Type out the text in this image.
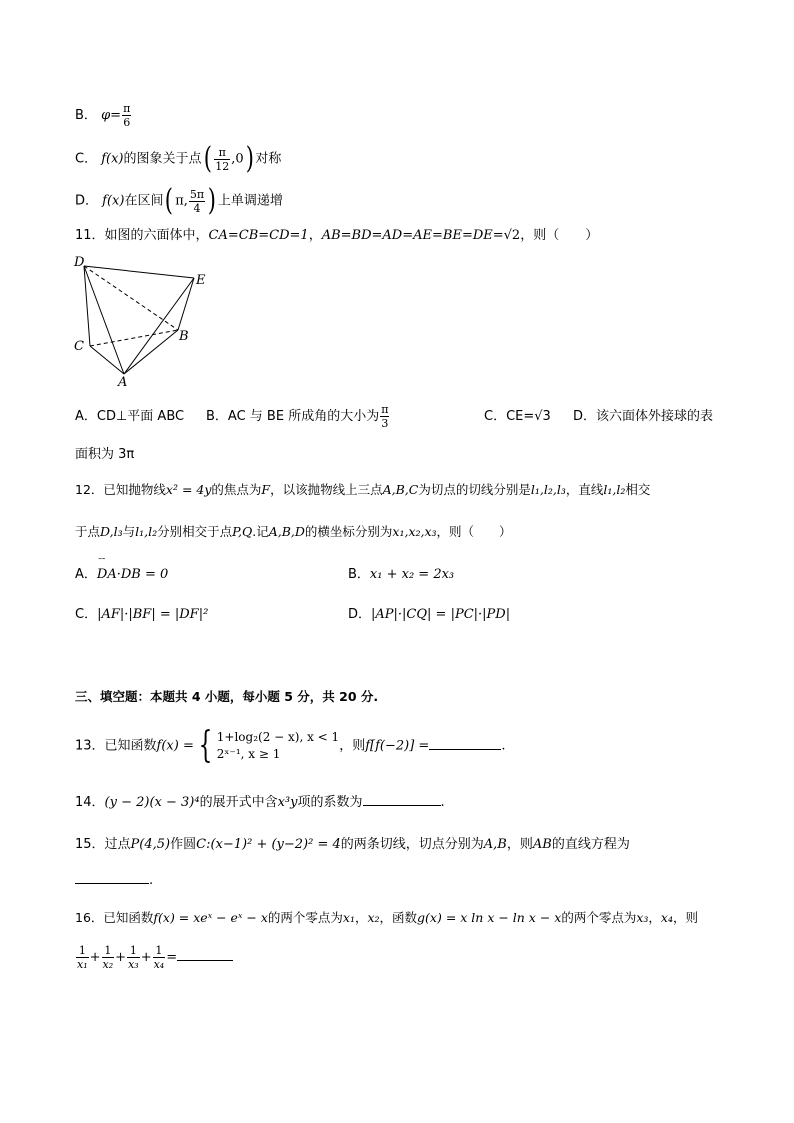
B． $\varphi= \frac{\pi}{6}$
C． f(x)的图象关于点( $\frac{\pi}{12} ,0$) 对称
D． f(x)在区间( π, $\frac{5\pi}{4}$ ) 上单调递增
11．如图的六面体中，CA=CB=CD=1，AB=BD=AD=AE=BE=DE=√2，则（　　）
D
E
B
C
A
A．CD⊥平面 ABC B．AC 与 BE 所成角的大小为 $\frac{\pi}{3}$	C．CE=√3 D．该六面体外接球的表
面积为 3π
12．已知抛物线x² = 4y的焦点为F，以该抛物线上三点A,B,C为切点的切线分别是l₁,l₂,l₃，直线l₁,l₂相交
于点D,l₃与l₁,l₂分别相交于点P,Q.记A,B,D的横坐标分别为x₁,x₂,x₃，则（　　）
A．˜˜ DA·DB = 0	B．x₁ + x₂ = 2x₃
C．|AF|·|BF| = |DF|²	D．|AP|·|CQ| = |PC|·|PD|
三、填空题：本题共 4 小题，每小题 5 分，共 20 分.
13．已知函数f(x) = { 1+log₂(2 − x), x < 1
2ˣ⁻¹, x ≥ 1
，则f[f(−2)] =	.
14．(y − 2)(x − 3)⁴的展开式中含x³y项的系数为	.
15．过点P(4,5)作圆C:(x−1)² + (y−2)² = 4的两条切线，切点分别为A,B，则AB的直线方程为
.
16．已知函数f(x) = xeˣ − eˣ − x的两个零点为x₁，x₂，函数g(x) = x ln x − ln x − x的两个零点为x₃，x₄，则
$\frac{1}{\text{x₁}} + \frac{1}{\text{x₂}} + \frac{1}{\text{x₃}} + \frac{1}{\text{x₄}}$ =
